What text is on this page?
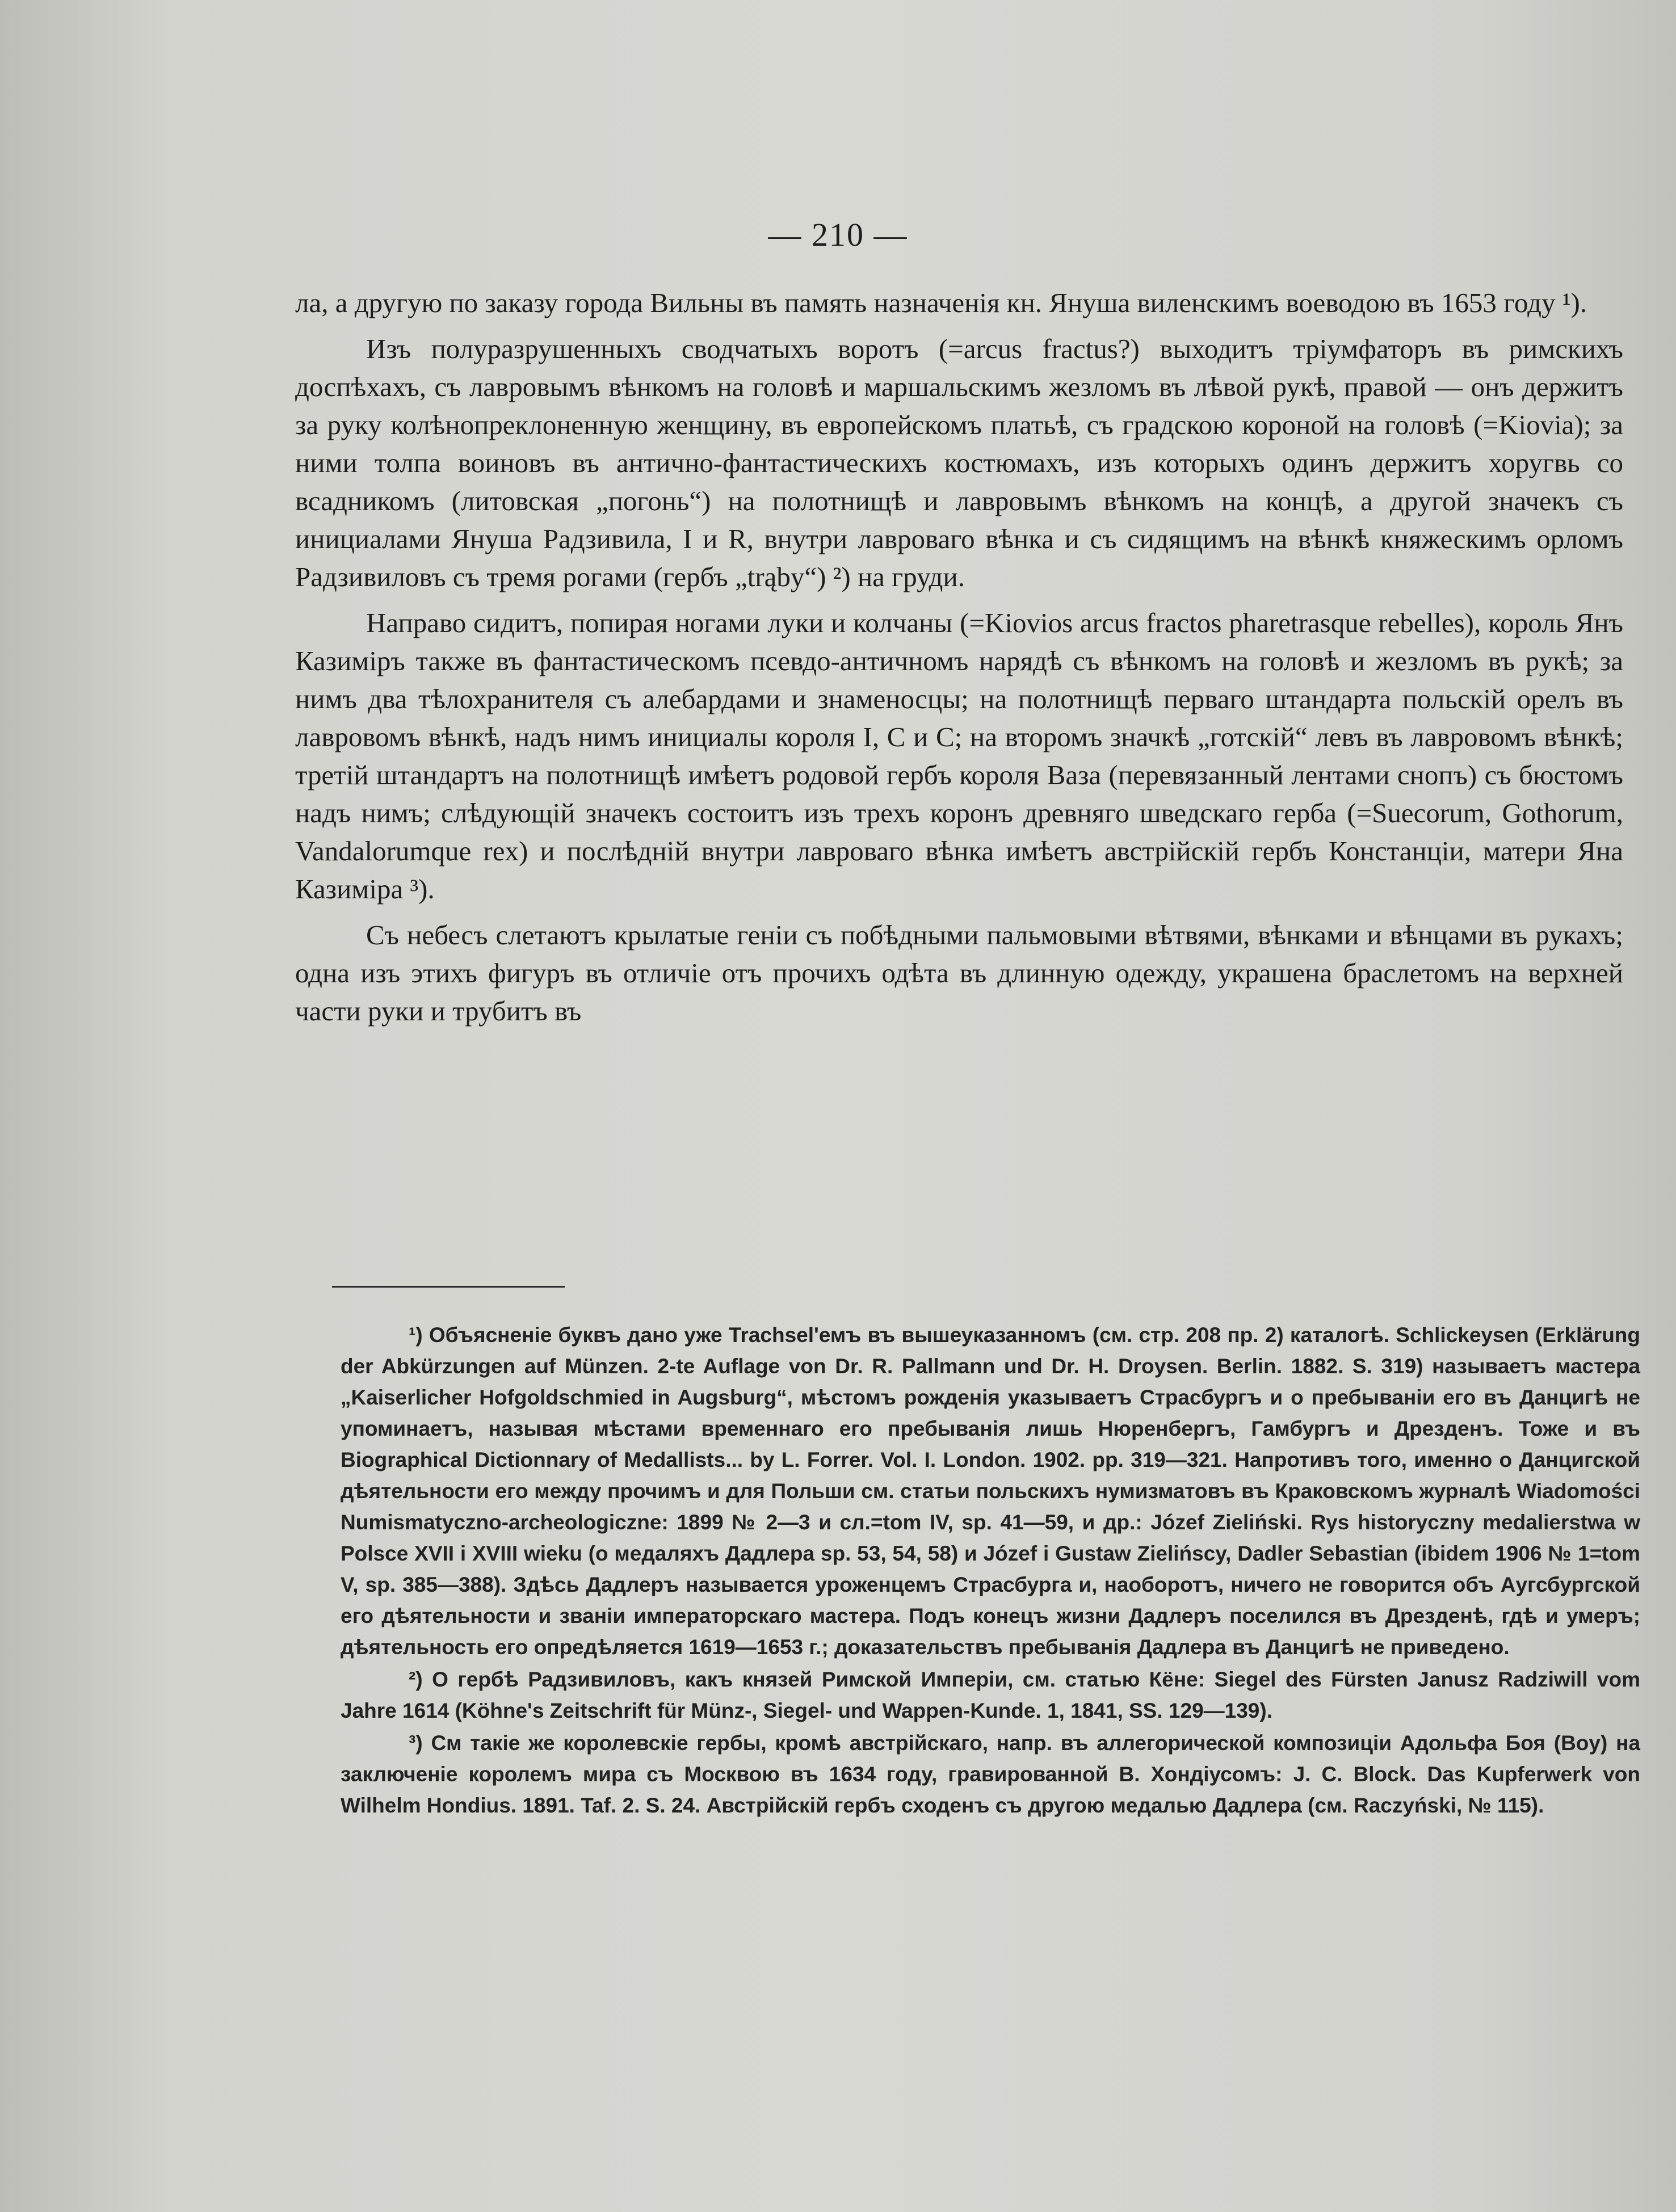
— 210 —

ла, а другую по заказу города Вильны въ память назначенія кн. Януша виленскимъ воеводою въ 1653 году ¹).

Изъ полуразрушенныхъ сводчатыхъ воротъ (=arcus fractus?) выходитъ тріумфаторъ въ римскихъ доспѣхахъ, съ лавровымъ вѣнкомъ на головѣ и маршальскимъ жезломъ въ лѣвой рукѣ, правой — онъ держитъ за руку колѣнопреклоненную женщину, въ европейскомъ платьѣ, съ градскою короной на головѣ (=Kiovia); за ними толпа воиновъ въ античнo-фантастическихъ костюмахъ, изъ которыхъ одинъ держитъ хоругвь со всадникомъ (литовская „погонь“) на полотнищѣ и лавровымъ вѣнкомъ на концѣ, а другой значекъ съ инициалами Януша Радзивила, I и R, внутри лавроваго вѣнка и съ сидящимъ на вѣнкѣ княжескимъ орломъ Радзивиловъ съ тремя рогами (гербъ „trąby“) ²) на груди.

Направо сидитъ, попирая ногами луки и колчаны (=Kiovios arcus fractos pharetrasque rebelles), король Янъ Казиміръ также въ фантастическомъ псевдо-античномъ нарядѣ съ вѣнкомъ на головѣ и жезломъ въ рукѣ; за нимъ два тѣлохранителя съ алебардами и знаменосцы; на полотнищѣ перваго штандарта польскій орелъ въ лавровомъ вѣнкѣ, надъ нимъ инициалы короля I, C и C; на второмъ значкѣ „готскій“ левъ въ лавровомъ вѣнкѣ; третій штандартъ на полотнищѣ имѣетъ родовой гербъ короля Ваза (перевязанный лентами снопъ) съ бюстомъ надъ нимъ; слѣдующій значекъ состоитъ изъ трехъ коронъ древняго шведскаго герба (=Suecorum, Gothorum, Vandalorumque rex) и послѣдній внутри лавроваго вѣнка имѣетъ австрійскій гербъ Констанціи, матери Яна Казиміра ³).

Съ небесъ слетаютъ крылатые геніи съ побѣдными пальмовыми вѣтвями, вѣнками и вѣнцами въ рукахъ; одна изъ этихъ фигуръ въ отличіе отъ прочихъ одѣта въ длинную одежду, украшена браслетомъ на верхней части руки и трубитъ въ

¹) Объясненіе буквъ дано уже Trachsel'емъ въ вышеуказанномъ (см. стр. 208 пр. 2) каталогѣ. Schlickeysen (Erklärung der Abkürzungen auf Münzen. 2-te Auflage von Dr. R. Pallmann und Dr. H. Droysen. Berlin. 1882. S. 319) называетъ мастера „Kaiserlicher Hofgoldschmied in Augsburg“, мѣстомъ рожденія указываетъ Страсбургъ и о пребываніи его въ Данцигѣ не упоминаетъ, называя мѣстами временнаго его пребыванія лишь Нюренбергъ, Гамбургъ и Дрезденъ. Тоже и въ Biographical Dictionnary of Medallists... by L. Forrer. Vol. I. London. 1902. pp. 319—321. Напротивъ того, именно о Данцигской дѣятельности его между прочимъ и для Польши см. статьи польскихъ нумизматовъ въ Краковскомъ журналѣ Wiadomości Numismatyczno-archeologiczne: 1899 № 2—3 и сл.=tom IV, sp. 41—59, и др.: Józef Zieliński. Rys historyczny medalierstwa w Polsce XVII i XVIII wieku (о медаляхъ Дадлера sp. 53, 54, 58) и Józef i Gustaw Zielińscy, Dadler Sebastian (ibidem 1906 № 1=tom V, sp. 385—388). Здѣсь Дадлеръ называется уроженцемъ Страсбурга и, наоборотъ, ничего не говорится объ Аугсбургской его дѣятельности и званіи императорскаго мастера. Подъ конецъ жизни Дадлеръ поселился въ Дрезденѣ, гдѣ и умеръ; дѣятельность его опредѣляется 1619—1653 г.; доказательствъ пребыванія Дадлера въ Данцигѣ не приведено.

²) О гербѣ Радзивиловъ, какъ князей Римской Имперіи, см. статью Кёне: Siegel des Fürsten Janusz Radziwill vom Jahre 1614 (Köhne's Zeitschrift für Münz-, Siegel- und Wappen-Kunde. 1, 1841, SS. 129—139).

³) См такіе же королевскіе гербы, кромѣ австрійскаго, напр. въ аллегорической композиціи Адольфа Боя (Boy) на заключеніе королемъ мира съ Москвою въ 1634 году, гравированной В. Хондіусомъ: J. C. Block. Das Kupferwerk von Wilhelm Hondius. 1891. Taf. 2. S. 24. Австрійскій гербъ сходенъ съ другою медалью Дадлера (см. Raczyński, № 115).
